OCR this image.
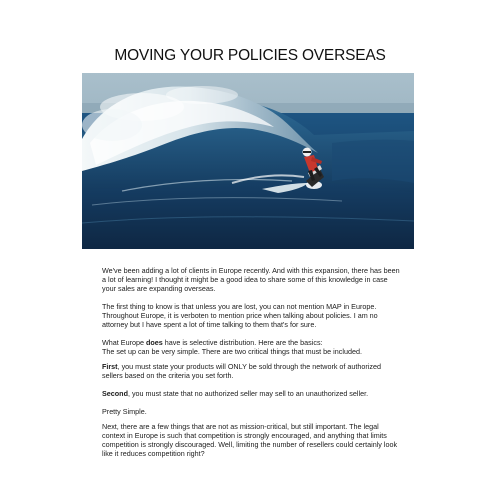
MOVING YOUR POLICIES OVERSEAS

We've been adding a lot of clients in Europe recently. And with this expansion, there has been a lot of learning! I thought it might be a good idea to share some of this knowledge in case your sales are expanding overseas.

The first thing to know is that unless you are lost, you can not mention MAP in Europe. Throughout Europe, it is verboten to mention price when talking about policies. I am no attorney but I have spent a lot of time talking to them that's for sure.

What Europe does have is selective distribution. Here are the basics:
The set up can be very simple. There are two critical things that must be included.

First, you must state your products will ONLY be sold through the network of authorized sellers based on the criteria you set forth.

Second, you must state that no authorized seller may sell to an unauthorized seller.

Pretty Simple.

Next, there are a few things that are not as mission-critical, but still important. The legal context in Europe is such that competition is strongly encouraged, and anything that limits competition is strongly discouraged. Well, limiting the number of resellers could certainly look like it reduces competition right?
